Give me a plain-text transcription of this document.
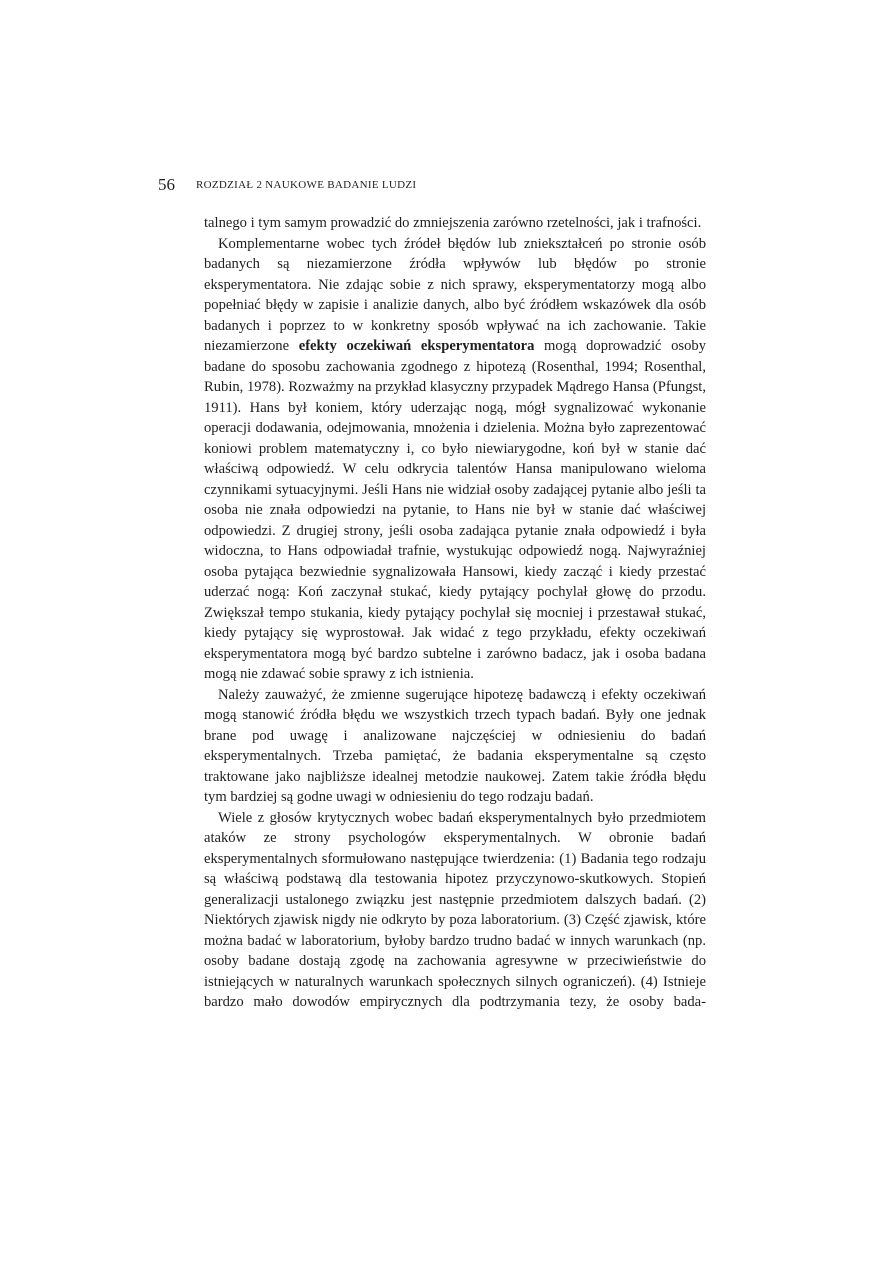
56 ROZDZIAŁ 2 NAUKOWE BADANIE LUDZI

talnego i tym samym prowadzić do zmniejszenia zarówno rzetelności, jak i trafności.

Komplementarne wobec tych źródeł błędów lub zniekształceń po stronie osób badanych są niezamierzone źródła wpływów lub błędów po stronie eksperymentatora. Nie zdając sobie z nich sprawy, eksperymentatorzy mogą albo popełniać błędy w zapisie i analizie danych, albo być źródłem wskazówek dla osób badanych i poprzez to w konkretny sposób wpływać na ich zachowanie. Takie niezamierzone efekty oczekiwań eksperymentatora mogą doprowadzić osoby badane do sposobu zachowania zgodnego z hipotezą (Rosenthal, 1994; Rosenthal, Rubin, 1978). Rozważmy na przykład klasyczny przypadek Mądrego Hansa (Pfungst, 1911). Hans był koniem, który uderzając nogą, mógł sygnalizować wykonanie operacji dodawania, odejmowania, mnożenia i dzielenia. Można było zaprezentować koniowi problem matematyczny i, co było niewiarygodne, koń był w stanie dać właściwą odpowiedź. W celu odkrycia talentów Hansa manipulowano wieloma czynnikami sytuacyjnymi. Jeśli Hans nie widział osoby zadającej pytanie albo jeśli ta osoba nie znała odpowiedzi na pytanie, to Hans nie był w stanie dać właściwej odpowiedzi. Z drugiej strony, jeśli osoba zadająca pytanie znała odpowiedź i była widoczna, to Hans odpowiadał trafnie, wystukując odpowiedź nogą. Najwyraźniej osoba pytająca bezwiednie sygnalizowała Hansowi, kiedy zacząć i kiedy przestać uderzać nogą: Koń zaczynał stukać, kiedy pytający pochylał głowę do przodu. Zwiększał tempo stukania, kiedy pytający pochylał się mocniej i przestawał stukać, kiedy pytający się wyprostował. Jak widać z tego przykładu, efekty oczekiwań eksperymentatora mogą być bardzo subtelne i zarówno badacz, jak i osoba badana mogą nie zdawać sobie sprawy z ich istnienia.

Należy zauważyć, że zmienne sugerujące hipotezę badawczą i efekty oczekiwań mogą stanowić źródła błędu we wszystkich trzech typach badań. Były one jednak brane pod uwagę i analizowane najczęściej w odniesieniu do badań eksperymentalnych. Trzeba pamiętać, że badania eksperymentalne są często traktowane jako najbliższe idealnej metodzie naukowej. Zatem takie źródła błędu tym bardziej są godne uwagi w odniesieniu do tego rodzaju badań.

Wiele z głosów krytycznych wobec badań eksperymentalnych było przedmiotem ataków ze strony psychologów eksperymentalnych. W obronie badań eksperymentalnych sformułowano następujące twierdzenia: (1) Badania tego rodzaju są właściwą podstawą dla testowania hipotez przyczynowo-skutkowych. Stopień generalizacji ustalonego związku jest następnie przedmiotem dalszych badań. (2) Niektórych zjawisk nigdy nie odkryto by poza laboratorium. (3) Część zjawisk, które można badać w laboratorium, byłoby bardzo trudno badać w innych warunkach (np. osoby badane dostają zgodę na zachowania agresywne w przeciwieństwie do istniejących w naturalnych warunkach społecznych silnych ograniczeń). (4) Istnieje bardzo mało dowodów empirycznych dla podtrzymania tezy, że osoby bada-
